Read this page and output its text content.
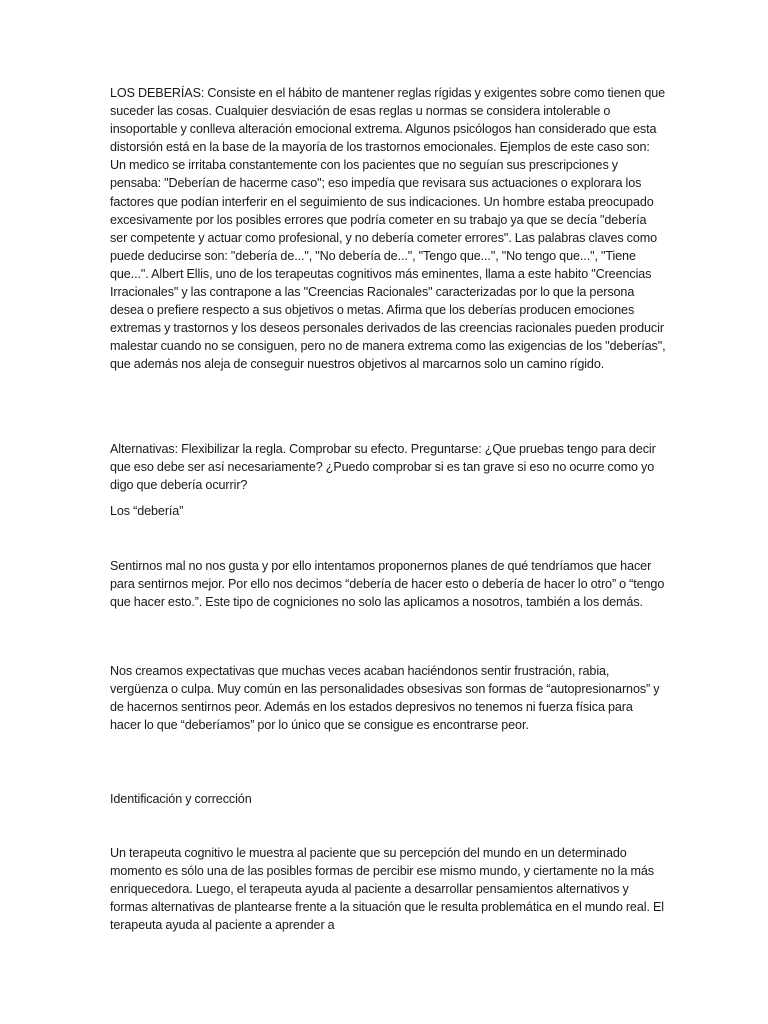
LOS DEBERÍAS: Consiste en el hábito de mantener reglas rígidas y exigentes sobre como tienen que suceder las cosas. Cualquier desviación de esas reglas u normas se considera intolerable o insoportable y conlleva alteración emocional extrema. Algunos psicólogos han considerado que esta distorsión está en la base de la mayoría de los trastornos emocionales. Ejemplos de este caso son: Un medico se irritaba constantemente con los pacientes que no seguían sus prescripciones y pensaba: "Deberían de hacerme caso"; eso impedía que revisara sus actuaciones o explorara los factores que podían interferir en el seguimiento de sus indicaciones. Un hombre estaba preocupado excesivamente por los posibles errores que podría cometer en su trabajo ya que se decía "debería ser competente y actuar como profesional, y no debería cometer errores". Las palabras claves como puede deducirse son: "debería de...", "No debería de...", "Tengo que...", "No tengo que...", "Tiene que...". Albert Ellis, uno de los terapeutas cognitivos más eminentes, llama a este habito "Creencias Irracionales" y las contrapone a las "Creencias Racionales" caracterizadas por lo que la persona desea o prefiere respecto a sus objetivos o metas. Afirma que los deberías producen emociones extremas y trastornos y los deseos personales derivados de las creencias racionales pueden producir malestar cuando no se consiguen, pero no de manera extrema como las exigencias de los "deberías", que además nos aleja de conseguir nuestros objetivos al marcarnos solo un camino rígido.

Alternativas: Flexibilizar la regla. Comprobar su efecto. Preguntarse: ¿Que pruebas tengo para decir que eso debe ser así necesariamente? ¿Puedo comprobar si es tan grave si eso no ocurre como yo digo que debería ocurrir?

Los “debería”

Sentirnos mal no nos gusta y por ello intentamos proponernos planes de qué tendríamos que hacer para sentirnos mejor. Por ello nos decimos “debería de hacer esto o debería de hacer lo otro” o “tengo que hacer esto.”. Este tipo de cogniciones no solo las aplicamos a nosotros, también a los demás.

Nos creamos expectativas que muchas veces acaban haciéndonos sentir frustración, rabia, vergüenza o culpa. Muy común en las personalidades obsesivas son formas de “autopresionarnos” y de hacernos sentirnos peor. Además en los estados depresivos no tenemos ni fuerza física para hacer lo que “deberíamos” por lo único que se consigue es encontrarse peor.

Identificación y corrección

Un terapeuta cognitivo le muestra al paciente que su percepción del mundo en un determinado momento es sólo una de las posibles formas de percibir ese mismo mundo, y ciertamente no la más enriquecedora. Luego, el terapeuta ayuda al paciente a desarrollar pensamientos alternativos y formas alternativas de plantearse frente a la situación que le resulta problemática en el mundo real. El terapeuta ayuda al paciente a aprender a
